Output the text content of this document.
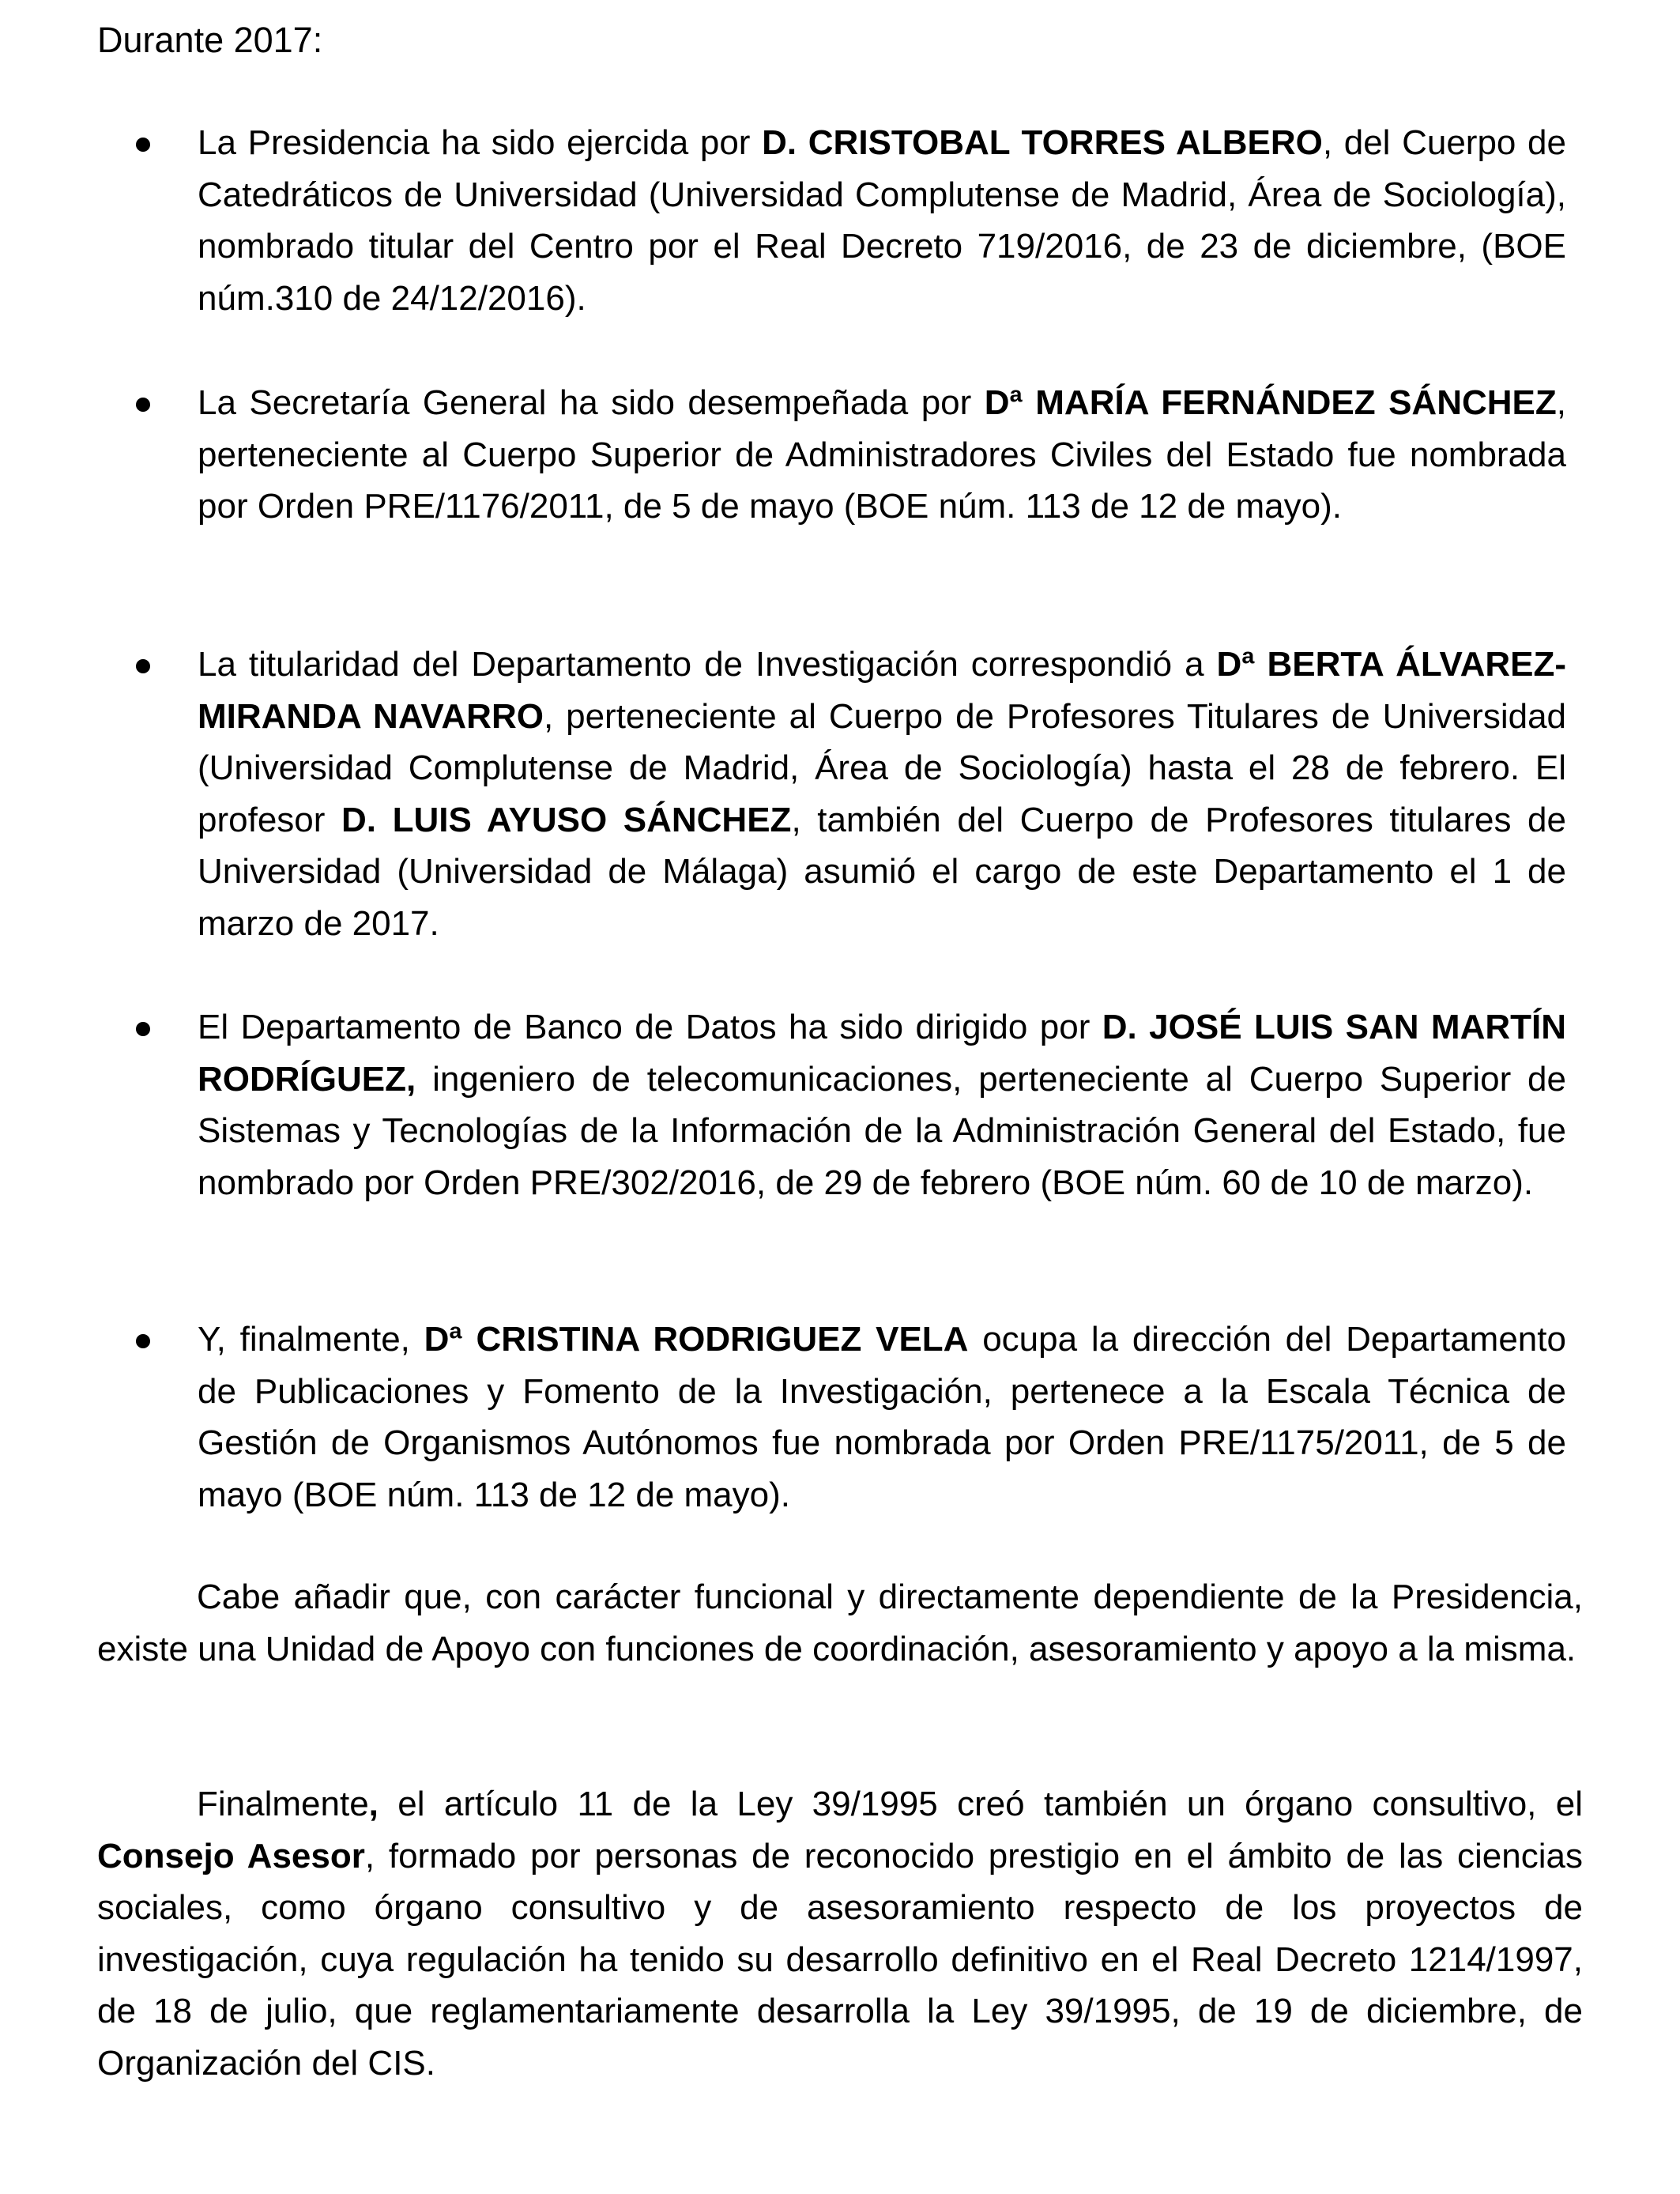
Durante 2017:

La Presidencia ha sido ejercida por D. CRISTOBAL TORRES ALBERO, del Cuerpo de Catedráticos de Universidad (Universidad Complutense de Madrid, Área de Sociología), nombrado titular del Centro por el Real Decreto 719/2016, de 23 de diciembre, (BOE núm.310 de 24/12/2016).

La Secretaría General ha sido desempeñada por Dª MARÍA FERNÁNDEZ SÁNCHEZ, perteneciente al Cuerpo Superior de Administradores Civiles del Estado fue nombrada por Orden PRE/1176/2011, de 5 de mayo (BOE núm. 113 de 12 de mayo).

La titularidad del Departamento de Investigación correspondió a Dª BERTA ÁLVAREZ-MIRANDA NAVARRO, perteneciente al Cuerpo de Profesores Titulares de Universidad (Universidad Complutense de Madrid, Área de Sociología) hasta el 28 de febrero. El profesor D. LUIS AYUSO SÁNCHEZ, también del Cuerpo de Profesores titulares de Universidad (Universidad de Málaga) asumió el cargo de este Departamento el 1 de marzo de 2017.

El Departamento de Banco de Datos ha sido dirigido por D. JOSÉ LUIS SAN MARTÍN RODRÍGUEZ, ingeniero de telecomunicaciones, perteneciente al Cuerpo Superior de Sistemas y Tecnologías de la Información de la Administración General del Estado, fue nombrado por Orden PRE/302/2016, de 29 de febrero (BOE núm. 60 de 10 de marzo).

Y, finalmente, Dª CRISTINA RODRIGUEZ VELA ocupa la dirección del Departamento de Publicaciones y Fomento de la Investigación, pertenece a la Escala Técnica de Gestión de Organismos Autónomos fue nombrada por Orden PRE/1175/2011, de 5 de mayo (BOE núm. 113 de 12 de mayo).

Cabe añadir que, con carácter funcional y directamente dependiente de la Presidencia, existe una Unidad de Apoyo con funciones de coordinación, asesoramiento y apoyo a la misma.

Finalmente, el artículo 11 de la Ley 39/1995 creó también un órgano consultivo, el Consejo Asesor, formado por personas de reconocido prestigio en el ámbito de las ciencias sociales, como órgano consultivo y de asesoramiento respecto de los proyectos de investigación, cuya regulación ha tenido su desarrollo definitivo en el Real Decreto 1214/1997, de 18 de julio, que reglamentariamente desarrolla la Ley 39/1995, de 19 de diciembre, de Organización del CIS.
